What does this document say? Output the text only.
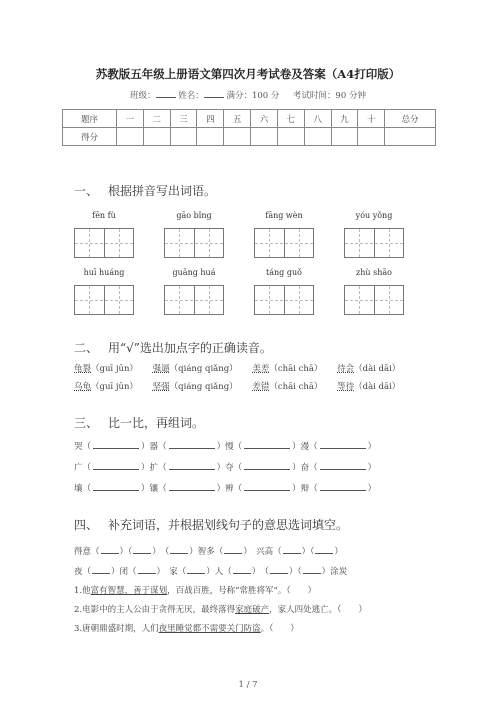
苏教版五年级上册语文第四次月考试卷及答案（A4打印版）
班级：	姓名：	满分：100 分 考试时间：90 分钟
题序	一	二	三	四	五	六	七	八	九	十	总分
得分											
一、 根据拼音写出词语。
fēn fù	gāo bǐng	fāng wèn	yóu yǒng
huī huáng	guāng huá	táng guǒ	zhù shāo
二、 用“√”选出加点字的正确读音。
龟裂（guī jūn） 强逼（qiáng qiǎng） 美差（chāi chā） 待会（dài dāi）
乌龟（guī jūn） 坚强（qiáng qiǎng） 差错（chāi chā） 等待（dài dāi）
三、 比一比，再组词。
哭（	）器（	）慢（	）漫（	）
广（	）扩（	）夺（	）奋（	）
壤（	）镶（	）辨（	）辩（	）
四、 补充词语，并根据划线句子的意思选词填空。
得意（ ）（ ）　（ ）智多（ ）　兴高（ ）（ ）
夜（ ）闭（ ）　家（ ）人（ ）　（ ）（ ）涂炭
1.他富有智慧，善于谋划，百战百胜，号称“常胜将军”。（　　）
2.电影中的主人公由于贪得无厌，最终落得家庭破产，家人四处逃亡。（　　）
3.唐朝鼎盛时期，人们夜里睡觉都不需要关门防盗。（　　）
1 / 7
